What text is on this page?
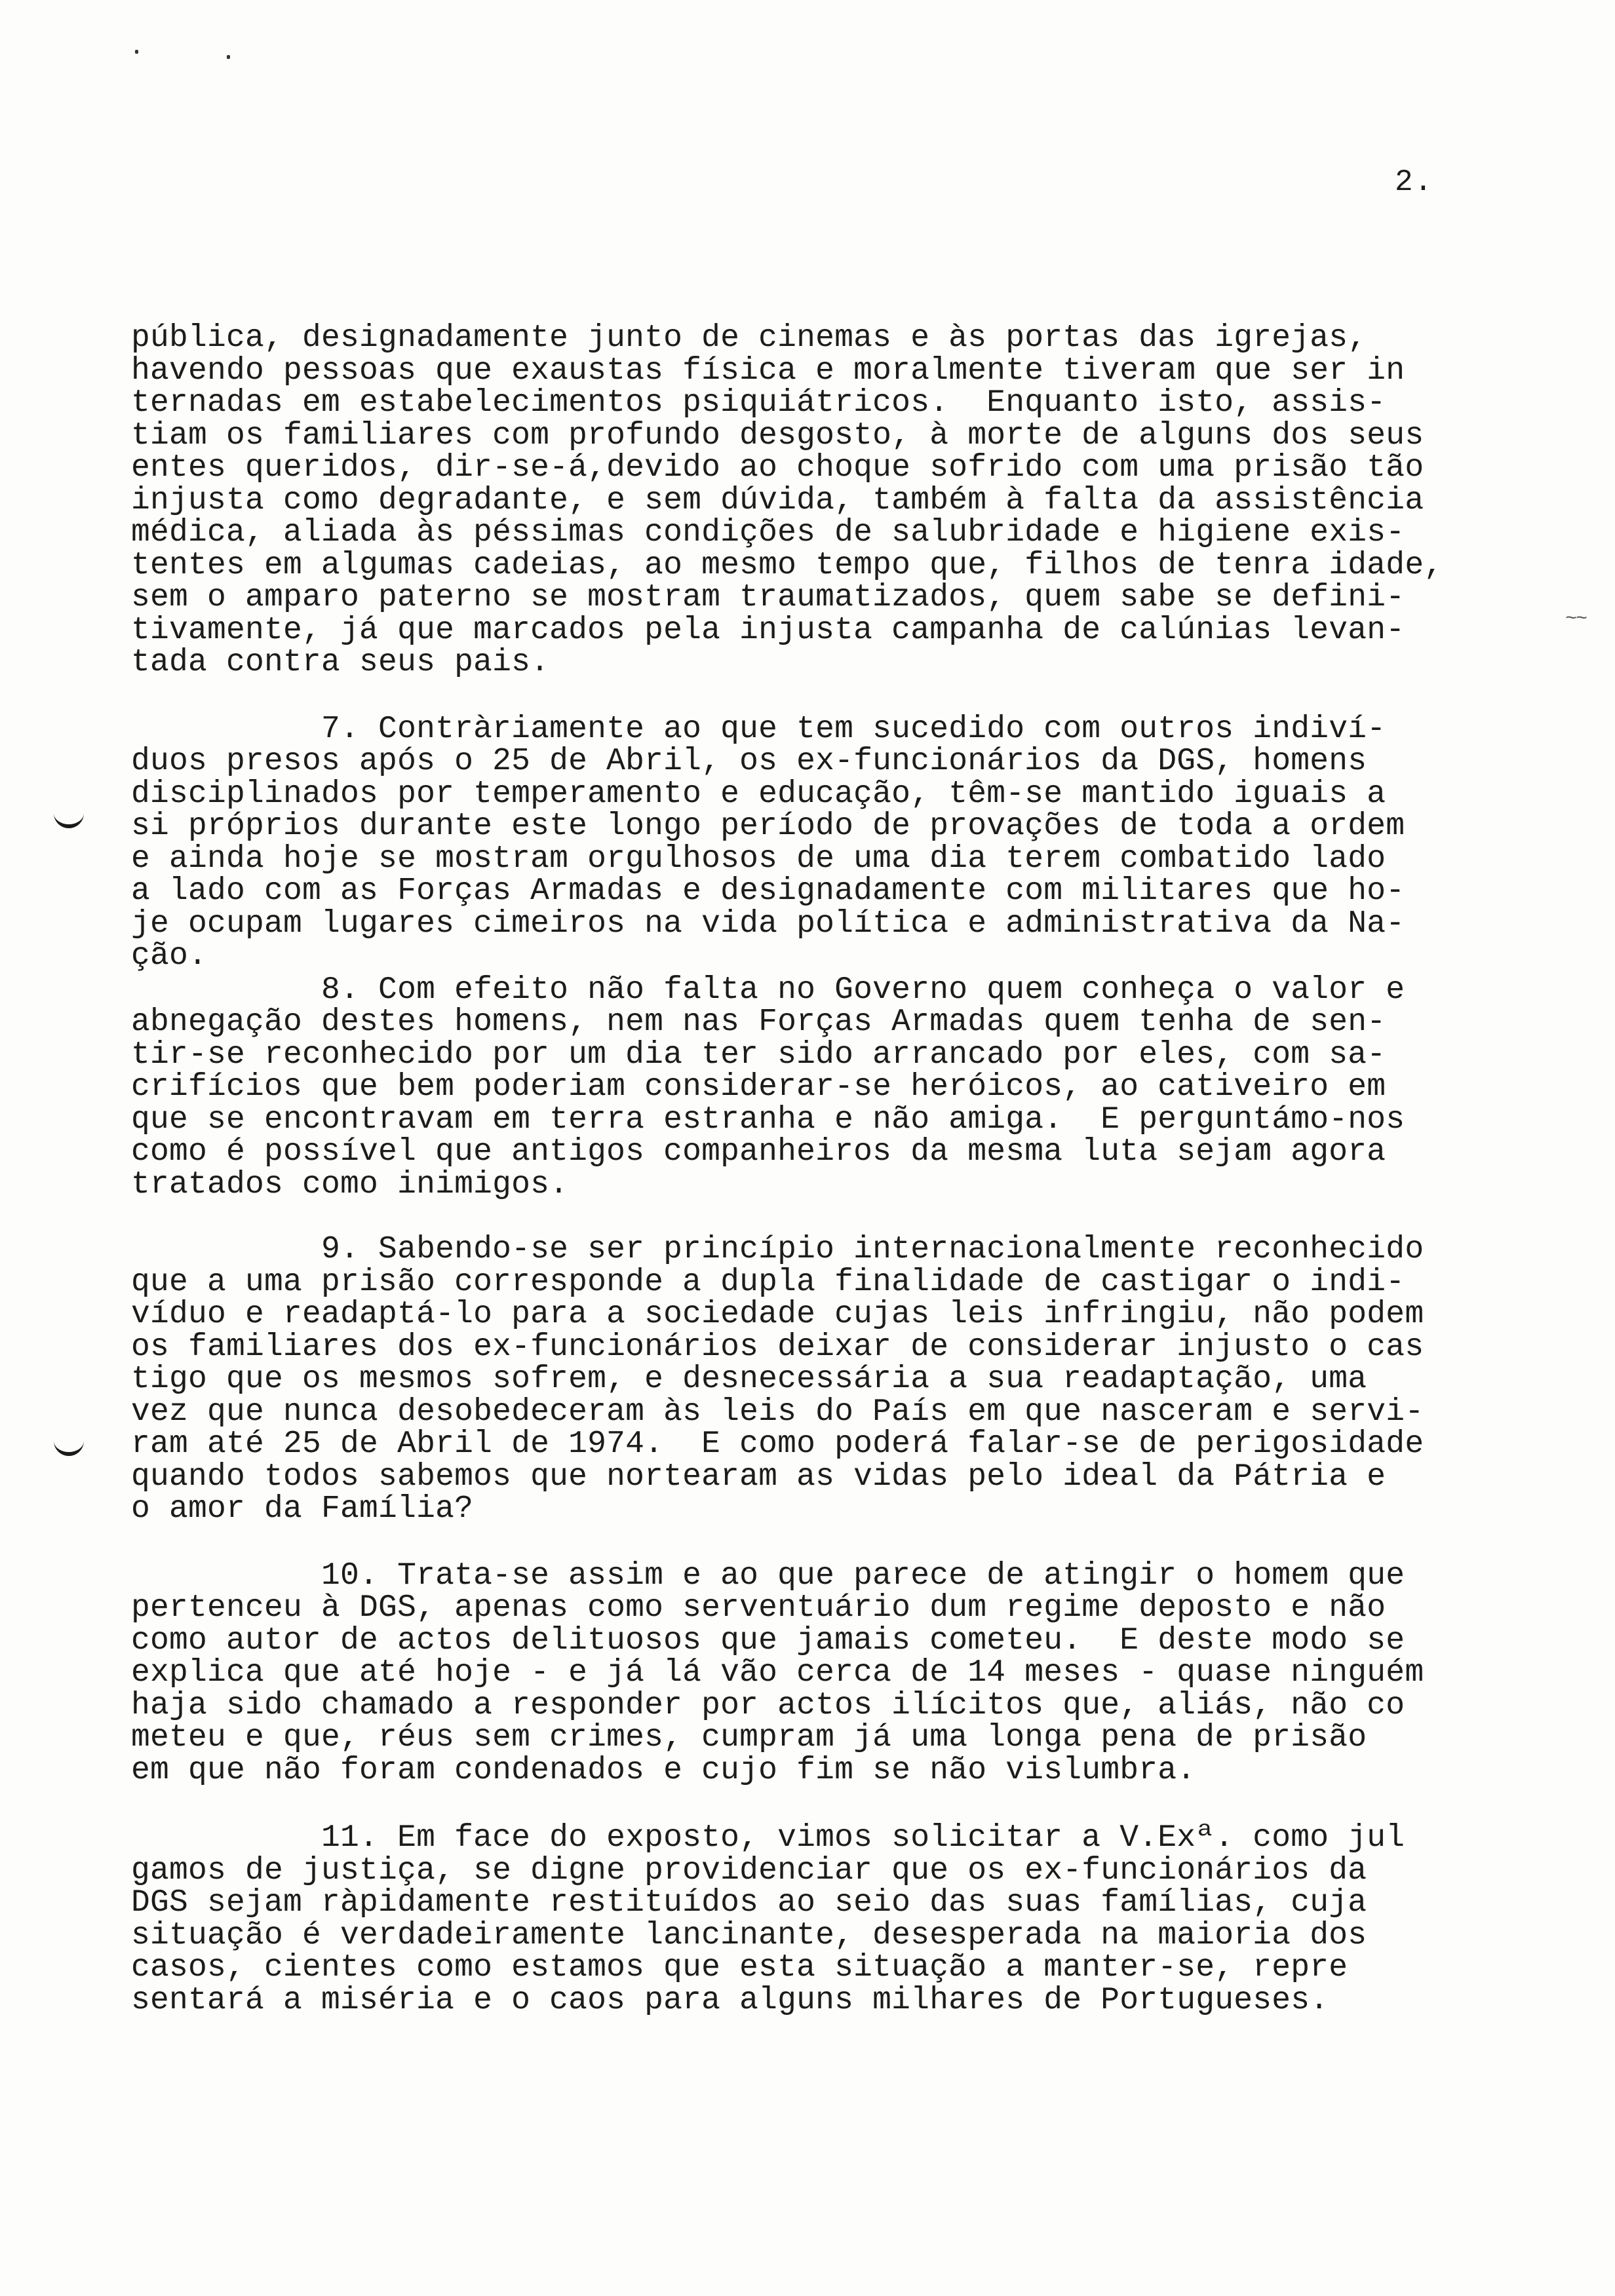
2.
~~
pública, designadamente junto de cinemas e às portas das igrejas,
havendo pessoas que exaustas física e moralmente tiveram que ser in
ternadas em estabelecimentos psiquiátricos.  Enquanto isto, assis-
tiam os familiares com profundo desgosto, à morte de alguns dos seus
entes queridos, dir-se-á,devido ao choque sofrido com uma prisão tão
injusta como degradante, e sem dúvida, também à falta da assistência
médica, aliada às péssimas condições de salubridade e higiene exis-
tentes em algumas cadeias, ao mesmo tempo que, filhos de tenra idade,
sem o amparo paterno se mostram traumatizados, quem sabe se defini-
tivamente, já que marcados pela injusta campanha de calúnias levan-
tada contra seus pais.
7. Contràriamente ao que tem sucedido com outros indiví-
duos presos após o 25 de Abril, os ex-funcionários da DGS, homens
disciplinados por temperamento e educação, têm-se mantido iguais a
si próprios durante este longo período de provações de toda a ordem
e ainda hoje se mostram orgulhosos de uma dia terem combatido lado
a lado com as Forças Armadas e designadamente com militares que ho-
je ocupam lugares cimeiros na vida política e administrativa da Na-
ção.
8. Com efeito não falta no Governo quem conheça o valor e
abnegação destes homens, nem nas Forças Armadas quem tenha de sen-
tir-se reconhecido por um dia ter sido arrancado por eles, com sa-
crifícios que bem poderiam considerar-se heróicos, ao cativeiro em
que se encontravam em terra estranha e não amiga.  E perguntámo-nos
como é possível que antigos companheiros da mesma luta sejam agora
tratados como inimigos.
9. Sabendo-se ser princípio internacionalmente reconhecido
que a uma prisão corresponde a dupla finalidade de castigar o indi-
víduo e readaptá-lo para a sociedade cujas leis infringiu, não podem
os familiares dos ex-funcionários deixar de considerar injusto o cas
tigo que os mesmos sofrem, e desnecessária a sua readaptação, uma
vez que nunca desobedeceram às leis do País em que nasceram e servi-
ram até 25 de Abril de 1974.  E como poderá falar-se de perigosidade
quando todos sabemos que nortearam as vidas pelo ideal da Pátria e
o amor da Família?
10. Trata-se assim e ao que parece de atingir o homem que
pertenceu à DGS, apenas como serventuário dum regime deposto e não
como autor de actos delituosos que jamais cometeu.  E deste modo se
explica que até hoje - e já lá vão cerca de 14 meses - quase ninguém
haja sido chamado a responder por actos ilícitos que, aliás, não co
meteu e que, réus sem crimes, cumpram já uma longa pena de prisão
em que não foram condenados e cujo fim se não vislumbra.
11. Em face do exposto, vimos solicitar a V.Exª. como jul
gamos de justiça, se digne providenciar que os ex-funcionários da
DGS sejam ràpidamente restituídos ao seio das suas famílias, cuja
situação é verdadeiramente lancinante, desesperada na maioria dos
casos, cientes como estamos que esta situação a manter-se, repre
sentará a miséria e o caos para alguns milhares de Portugueses.
